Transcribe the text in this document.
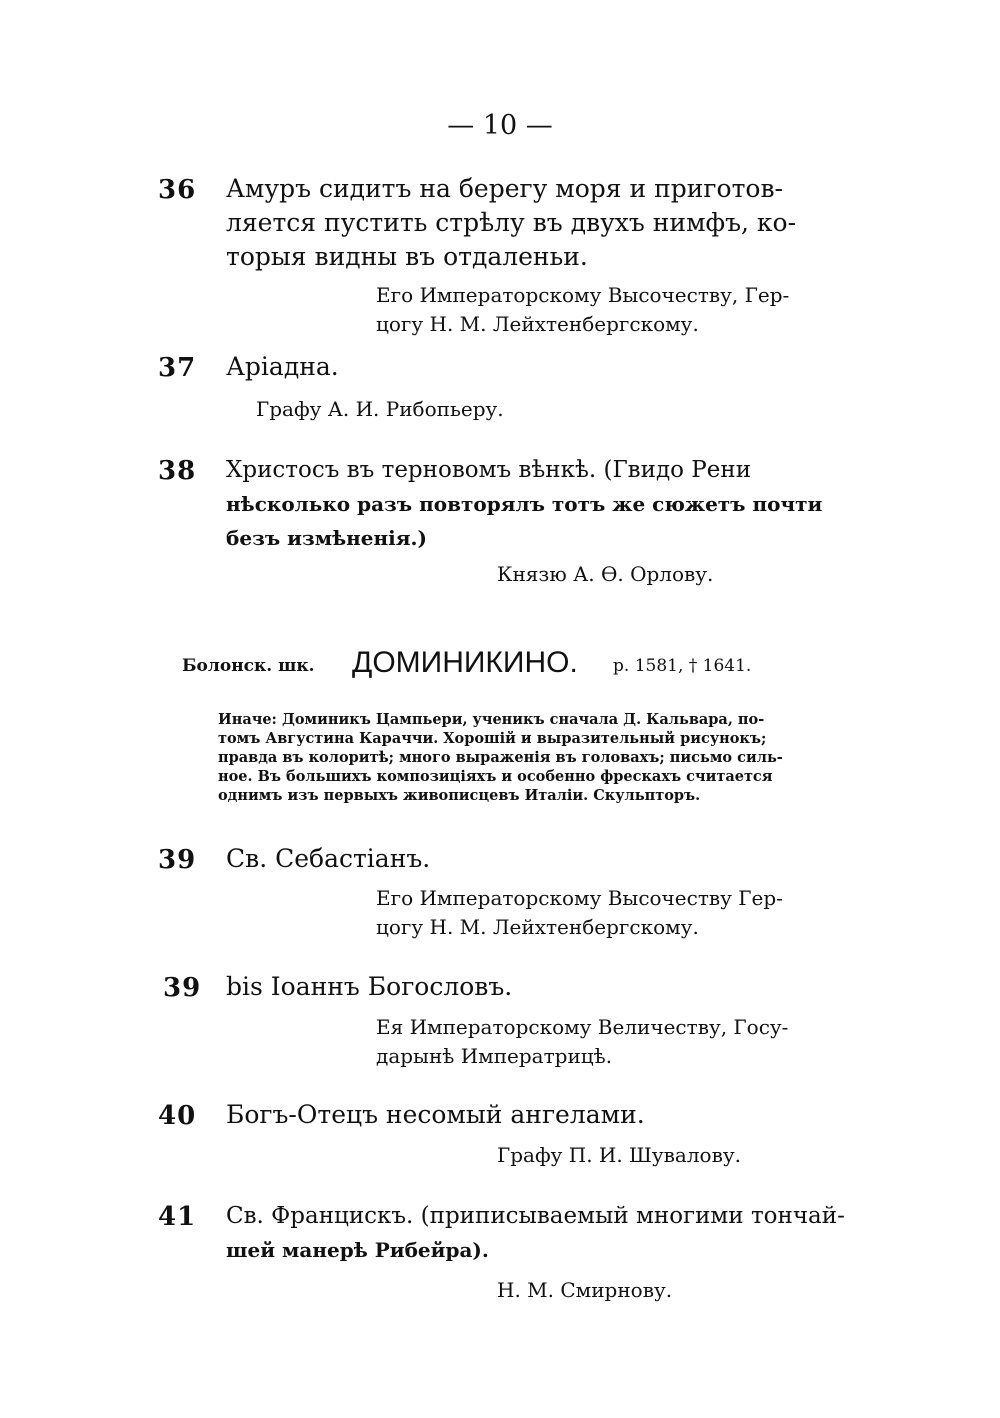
— 10 —
36 Амуръ сидитъ на берегу моря и приготов-
ляется пустить стрѣлу въ двухъ нимфъ, ко-
торыя видны въ отдаленьи.
Его Императорскому Высочеству, Гер-
цогу Н. М. Лейхтенбергскому.
37 Аріадна.
Графу А. И. Рибопьеру.
38 Христосъ въ терновомъ вѣнкѣ. (Гвидо Рени
нѣсколько разъ повторялъ тотъ же сюжетъ почти
безъ измѣненія.)
Князю А. Ѳ. Орлову.
Болонск. шк. ДОМИНИКИНО. р. 1581, † 1641.
Иначе: Доминикъ Цампьери, ученикъ сначала Д. Кальвара, по-
томъ Августина Караччи. Хорошій и выразительный рисунокъ;
правда въ колоритѣ; много выраженія въ головахъ; письмо силь-
ное. Въ большихъ композиціяхъ и особенно фрескахъ считается
однимъ изъ первыхъ живописцевъ Италіи. Скульпторъ.
39 Св. Себастіанъ.
Его Императорскому Высочеству Гер-
цогу Н. М. Лейхтенбергскому.
39 bis Іоаннъ Богословъ.
Ея Императорскому Величеству, Госу-
дарынѣ Императрицѣ.
40 Богъ-Отецъ несомый ангелами.
Графу П. И. Шувалову.
41 Св. Францискъ. (приписываемый многими тончай-
шей манерѣ Рибейра).
Н. М. Смирнову.
